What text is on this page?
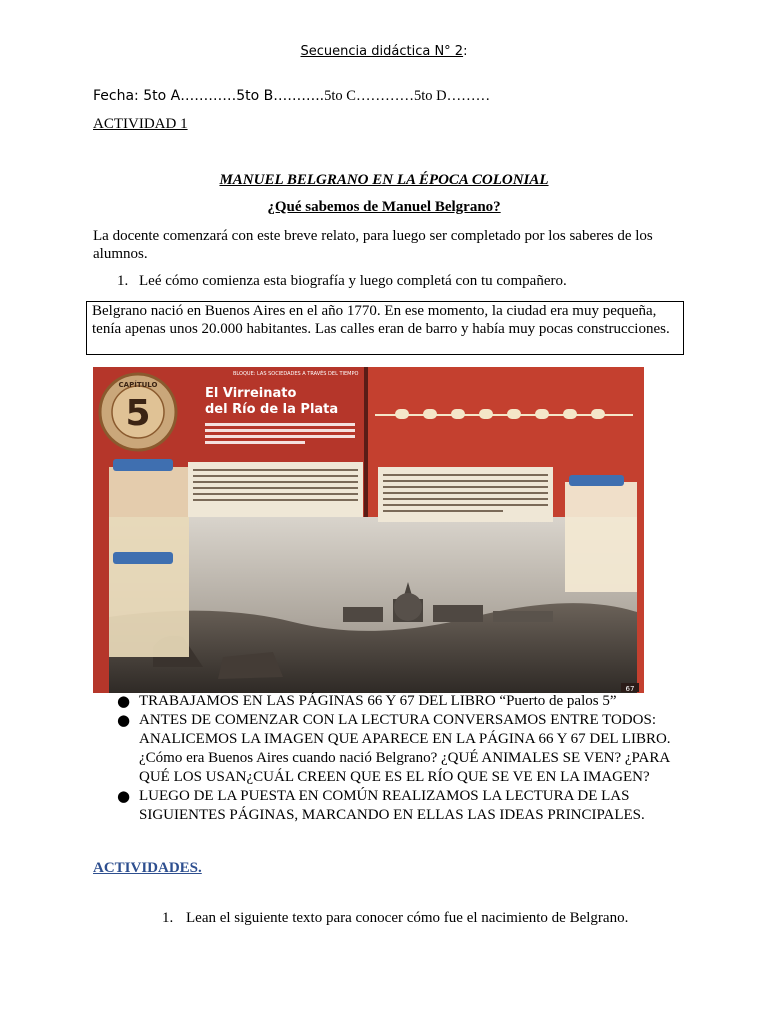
Secuencia didáctica N° 2:
Fecha: 5to A…………5to B………..5to C…………5to D………
ACTIVIDAD 1
MANUEL BELGRANO EN LA ÉPOCA COLONIAL
¿Qué sabemos de Manuel Belgrano?
La docente comenzará con este breve relato, para luego ser completado por los saberes de los alumnos.
1. Leé cómo comienza esta biografía y luego completá con tu compañero.
Belgrano nació en Buenos Aires en el año 1770. En ese momento, la ciudad era muy pequeña, tenía apenas unos 20.000 habitantes. Las calles eran de barro y había muy pocas construcciones.
5
CAPÍTULO
El Virreinato
del Río de la Plata
BLOQUE: LAS SOCIEDADES A TRAVÉS DEL TIEMPO
67
● TRABAJAMOS EN LAS PÁGINAS 66 Y 67 DEL LIBRO “Puerto de palos 5”
● ANTES DE COMENZAR CON LA LECTURA CONVERSAMOS ENTRE TODOS: ANALICEMOS LA IMAGEN QUE APARECE EN LA PÁGINA 66 Y 67 DEL LIBRO.¿Cómo era Buenos Aires cuando nació Belgrano? ¿QUÉ ANIMALES SE VEN? ¿PARA QUÉ LOS USAN¿CUÁL CREEN QUE ES EL RÍO QUE SE VE EN LA IMAGEN?
● LUEGO DE LA PUESTA EN COMÚN REALIZAMOS LA LECTURA DE LAS SIGUIENTES PÁGINAS, MARCANDO EN ELLAS LAS IDEAS PRINCIPALES.
ACTIVIDADES.
1. Lean el siguiente texto para conocer cómo fue el nacimiento de Belgrano.
